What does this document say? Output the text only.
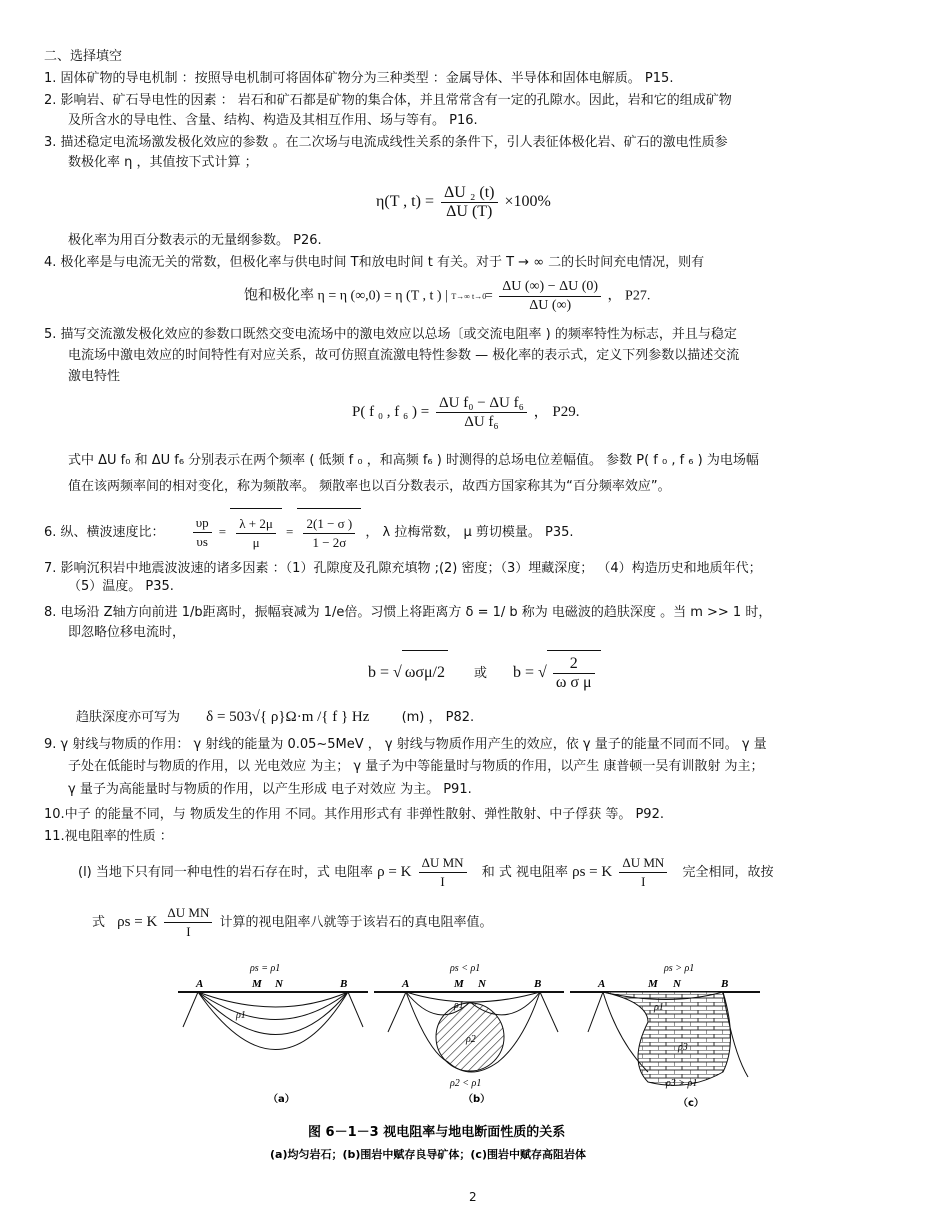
二、选择填空
1. 固体矿物的导电机制 ：按照导电机制可将固体矿物分为三种类型 ：金属导体、半导体和固体电解质。 P15.
2. 影响岩、矿石导电性的因素 ： 岩石和矿石都是矿物的集合体，并且常常含有一定的孔隙水。因此，岩和它的组成矿物
及所含水的导电性、含量、结构、构造及其相互作用、场与等有。 P16.
3. 描述稳定电流场激发极化效应的参数 。在二次场与电流成线性关系的条件下，引人表征体极化岩、矿石的激电性质参
数极化率 η ，其值按下式计算 ；
η(T , $t) = \frac{\text{ΔU ₂ (t)}}{\Delta U (T)} \times 100\%$
极化率为用百分数表示的无量纲参数。 P26.
4. 极化率是与电流无关的常数，但极化率与供电时间 T和放电时间 t 有关。对于 T → ∞ 二的长时间充电情况，则有
饱和极化率 η = η (∞,0) = η (T , t ) | T→∞ $t\to 0 = \frac{\Delta U (\infty) - \Delta U (0)}{\Delta U (\infty)}$ ， P27.
5. 描写交流激发极化效应的参数口既然交变电流场中的激电效应以总场〔或交流电阻率 ) 的频率特性为标志，并且与稳定
电流场中激电效应的时间特性有对应关系，故可仿照直流激电特性参数 — 极化率的表示式，定义下列参数以描述交流
激电特性
P( f ₀ , f ₆ ) = $\frac{\text{ΔU f₀ − ΔU f₆}}{\text{ΔU f₆}}$ ， P29.
式中 ΔU f₀ 和 ΔU f₆ 分别表示在两个频率 ( 低频 f ₀ ，和高频 f₆ ) 时测得的总场电位差幅值。 参数 P( f ₀ , f ₆ ) 为电场幅
值在该两频率间的相对变化，称为频散率。 频散率也以百分数表示，故西方国家称其为“百分频率效应”。
6. 纵、横波速度比： $\frac{\upsilon p}{\upsilon s} = \frac{\lambda + 2\mu}{\mu} = \frac{2(1 - \sigma )}{1 - 2\sigma}$ ， λ 拉梅常数， μ 剪切模量。 P35.
7. 影响沉积岩中地震波波速的诸多因素 ：（1）孔隙度及孔隙充填物 ;(2) 密度；（3）埋藏深度； （4）构造历史和地质年代；
（5）温度。 P35.
8. 电场沿 Z轴方向前进 1/b距离时，振幅衰减为 1/e倍。习惯上将距离方 δ = 1/ b 称为 电磁波的趋肤深度 。当 m >> 1 时，
即忽略位移电流时，
b = √ ωσμ/2 或 b = √ $\frac{2}{\text{ω σ μ}}$
趋肤深度亦可写为 δ = 503√{ ρ}Ω·m /{ f } Hz (m) ， P82.
9. γ 射线与物质的作用： γ 射线的能量为 0.05~5MeV ， γ 射线与物质作用产生的效应，依 γ 量子的能量不同而不同。 γ 量
子处在低能时与物质的作用，以 光电效应 为主； γ 量子为中等能量时与物质的作用，以产生 康普顿一吴有训散射 为主；
γ 量子为高能量时与物质的作用，以产生形成 电子对效应 为主。 P91.
10.中子 的能量不同，与 物质发生的作用 不同。其作用形式有 非弹性散射、弹性散射、中子俘获 等。 P92.
11.视电阻率的性质 ：
(l) 当地下只有同一种电性的岩石存在时，式 电阻率 ρ = K $\frac{\text{ΔU MN}}{I}$ 和 式 视电阻率 ρs = K $\frac{\text{ΔU MN}}{I}$ 完全相同，故按
式 ρs = K $\frac{\text{ΔU MN}}{I}$ 计算的视电阻率八就等于该岩石的真电阻率值。
A	M N	B
ρs = ρ1
ρ1
（a）
A	M N	B
ρs < ρ1
ρ1
ρ2
ρ2 < ρ1
（b）
A	M N	B
ρs > ρ1
ρ1
ρ3
ρ3 > ρ1
（c）
图 6－1－3 视电阻率与地电断面性质的关系
(a)均匀岩石；(b)围岩中赋存良导矿体；(c)围岩中赋存高阻岩体
2
